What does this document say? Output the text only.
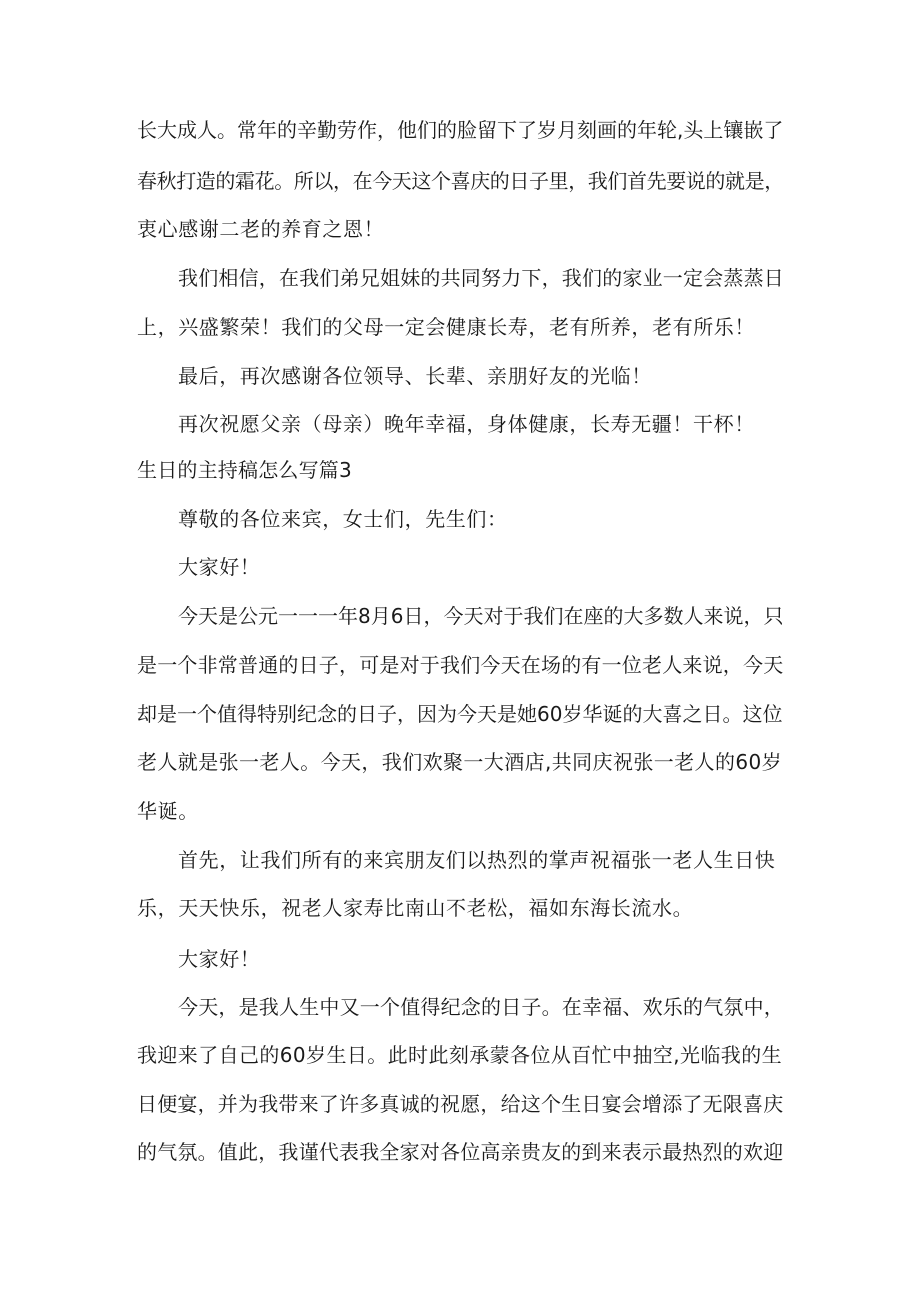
长大成人。常年的辛勤劳作，他们的脸留下了岁月刻画的年轮,头上镶嵌了
春秋打造的霜花。所以，在今天这个喜庆的日子里，我们首先要说的就是，
衷心感谢二老的养育之恩！
我们相信，在我们弟兄姐妹的共同努力下，我们的家业一定会蒸蒸日
上，兴盛繁荣！我们的父母一定会健康长寿，老有所养，老有所乐！
最后，再次感谢各位领导、长辈、亲朋好友的光临！
再次祝愿父亲（母亲）晚年幸福，身体健康，长寿无疆！干杯！
生日的主持稿怎么写篇3
尊敬的各位来宾，女士们，先生们：
大家好！
今天是公元一一一年8月6日，今天对于我们在座的大多数人来说，只
是一个非常普通的日子，可是对于我们今天在场的有一位老人来说，今天
却是一个值得特别纪念的日子，因为今天是她60岁华诞的大喜之日。这位
老人就是张一老人。今天，我们欢聚一大酒店,共同庆祝张一老人的60岁
华诞。
首先，让我们所有的来宾朋友们以热烈的掌声祝福张一老人生日快
乐，天天快乐，祝老人家寿比南山不老松，福如东海长流水。
大家好！
今天，是我人生中又一个值得纪念的日子。在幸福、欢乐的气氛中，
我迎来了自己的60岁生日。此时此刻承蒙各位从百忙中抽空,光临我的生
日便宴，并为我带来了许多真诚的祝愿，给这个生日宴会增添了无限喜庆
的气氛。值此，我谨代表我全家对各位高亲贵友的到来表示最热烈的欢迎
